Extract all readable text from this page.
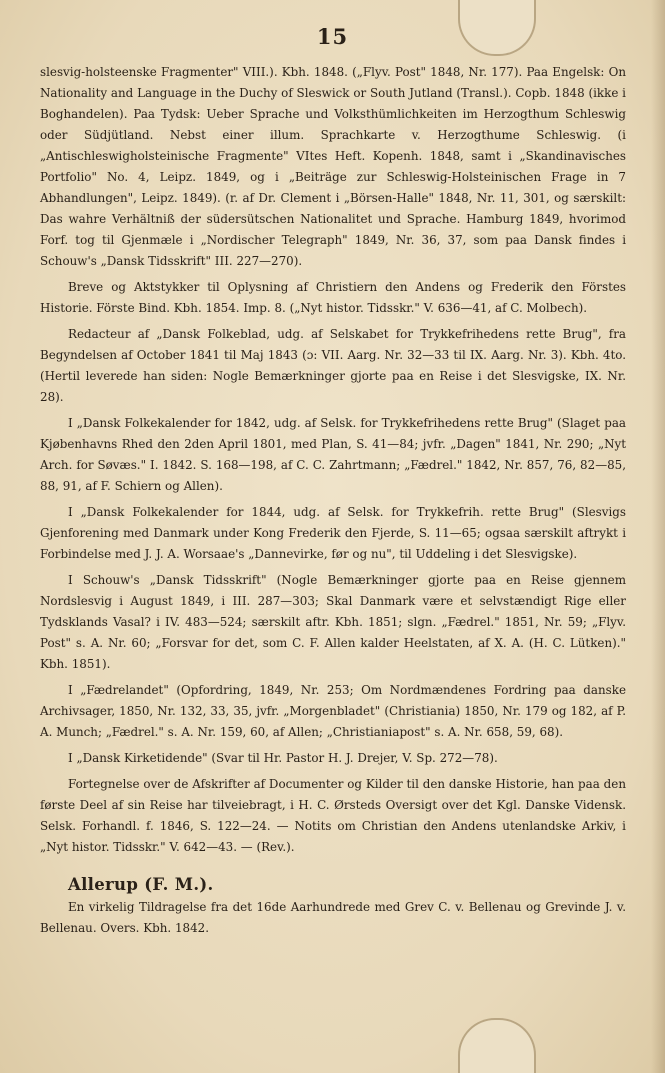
15

slesvig-holsteenske Fragmenter" VIII.). Kbh. 1848. („Flyv. Post" 1848, Nr. 177). Paa Engelsk: On Nationality and Language in the Duchy of Sleswick or South Jutland (Transl.). Copb. 1848 (ikke i Boghandelen). Paa Tydsk: Ueber Sprache und Volksthümlichkeiten im Herzogthum Schleswig oder Südjütland. Nebst einer illum. Sprachkarte v. Herzogthume Schleswig. (i „Antischleswigholsteinische Fragmente" VItes Heft. Kopenh. 1848, samt i „Skandinavisches Portfolio" No. 4, Leipz. 1849, og i „Beiträge zur Schleswig-Holsteinischen Frage in 7 Abhandlungen", Leipz. 1849). (r. af Dr. Clement i „Börsen-Halle" 1848, Nr. 11, 301, og særskilt: Das wahre Verhältniß der südersütschen Nationalitet und Sprache. Hamburg 1849, hvorimod Forf. tog til Gjenmæle i „Nordischer Telegraph" 1849, Nr. 36, 37, som paa Dansk findes i Schouw's „Dansk Tidsskrift" III. 227—270).

Breve og Aktstykker til Oplysning af Christiern den Andens og Frederik den Förstes Historie. Förste Bind. Kbh. 1854. Imp. 8. („Nyt histor. Tidsskr." V. 636—41, af C. Molbech).

Redacteur af „Dansk Folkeblad, udg. af Selskabet for Trykkefrihedens rette Brug", fra Begyndelsen af October 1841 til Maj 1843 (ɔ: VII. Aarg. Nr. 32—33 til IX. Aarg. Nr. 3). Kbh. 4to. (Hertil leverede han siden: Nogle Bemærkninger gjorte paa en Reise i det Slesvigske, IX. Nr. 28).

I „Dansk Folkekalender for 1842, udg. af Selsk. for Trykkefrihedens rette Brug" (Slaget paa Kjøbenhavns Rhed den 2den April 1801, med Plan, S. 41—84; jvfr. „Dagen" 1841, Nr. 290; „Nyt Arch. for Søvæs." I. 1842. S. 168—198, af C. C. Zahrtmann; „Fædrel." 1842, Nr. 857, 76, 82—85, 88, 91, af F. Schiern og Allen).

I „Dansk Folkekalender for 1844, udg. af Selsk. for Trykkefrih. rette Brug" (Slesvigs Gjenforening med Danmark under Kong Frederik den Fjerde, S. 11—65; ogsaa særskilt aftrykt i Forbindelse med J. J. A. Worsaae's „Dannevirke, før og nu", til Uddeling i det Slesvigske).

I Schouw's „Dansk Tidsskrift" (Nogle Bemærkninger gjorte paa en Reise gjennem Nordslesvig i August 1849, i III. 287—303; Skal Danmark være et selvstændigt Rige eller Tydsklands Vasal? i IV. 483—524; særskilt aftr. Kbh. 1851; slgn. „Fædrel." 1851, Nr. 59; „Flyv. Post" s. A. Nr. 60; „Forsvar for det, som C. F. Allen kalder Heelstaten, af X. A. (H. C. Lütken)." Kbh. 1851).

I „Fædrelandet" (Opfordring, 1849, Nr. 253; Om Nordmændenes Fordring paa danske Archivsager, 1850, Nr. 132, 33, 35, jvfr. „Morgenbladet" (Christiania) 1850, Nr. 179 og 182, af P. A. Munch; „Fædrel." s. A. Nr. 159, 60, af Allen; „Christianiapost" s. A. Nr. 658, 59, 68).

I „Dansk Kirketidende" (Svar til Hr. Pastor H. J. Drejer, V. Sp. 272—78).

Fortegnelse over de Afskrifter af Documenter og Kilder til den danske Historie, han paa den første Deel af sin Reise har tilveiebragt, i H. C. Ørsteds Oversigt over det Kgl. Danske Vidensk. Selsk. Forhandl. f. 1846, S. 122—24. — Notits om Christian den Andens utenlandske Arkiv, i „Nyt histor. Tidsskr." V. 642—43. — (Rev.).

Allerup (F. M.).

En virkelig Tildragelse fra det 16de Aarhundrede med Grev C. v. Bellenau og Grevinde J. v. Bellenau. Overs. Kbh. 1842.
